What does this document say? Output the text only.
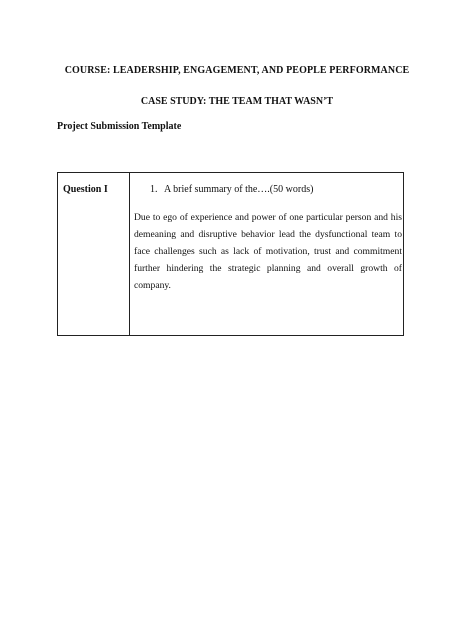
COURSE: LEADERSHIP, ENGAGEMENT, AND PEOPLE PERFORMANCE
CASE STUDY: THE TEAM THAT WASN’T
Project Submission Template
Question I	1. A brief summary of the….(50 words)
Due to ego of experience and power of one particular person and his demeaning and disruptive behavior lead the dysfunctional team to face challenges such as lack of motivation, trust and commitment further hindering the strategic planning and overall growth of company.
